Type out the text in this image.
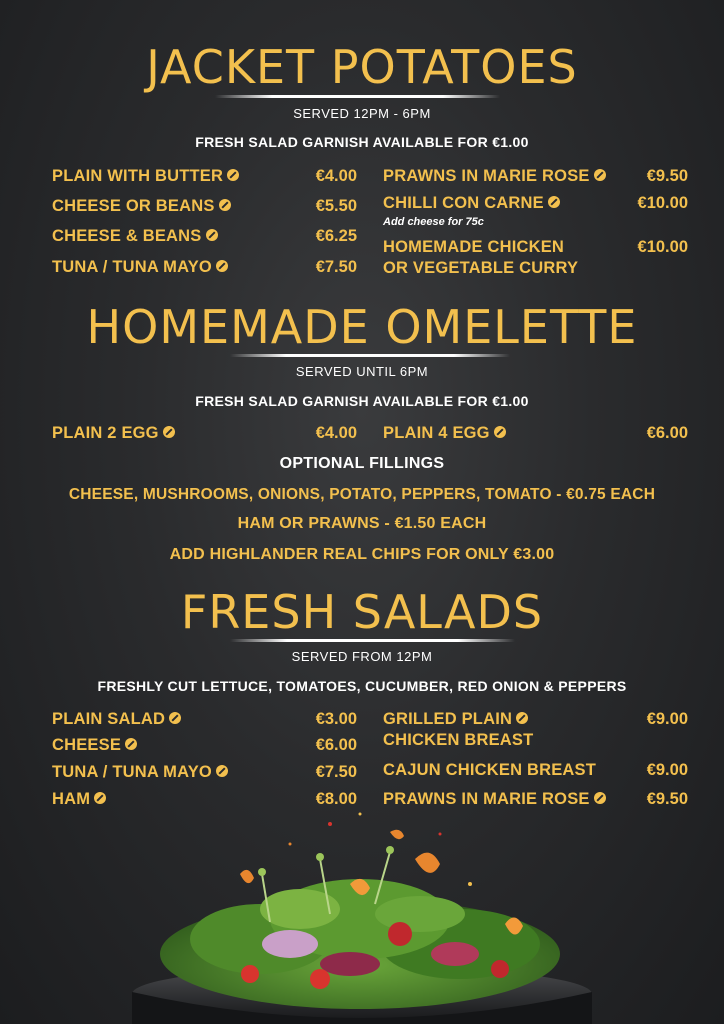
JACKET POTATOES
SERVED 12PM - 6PM
FRESH SALAD GARNISH AVAILABLE FOR €1.00
PLAIN WITH BUTTER	€4.00
CHEESE OR BEANS	€5.50
CHEESE & BEANS	€6.25
TUNA / TUNA MAYO	€7.50
PRAWNS IN MARIE ROSE	€9.50
CHILLI CON CARNE	€10.00
Add cheese for 75c
HOMEMADE CHICKEN
OR VEGETABLE CURRY
€10.00
HOMEMADE OMELETTE
SERVED UNTIL 6PM
FRESH SALAD GARNISH AVAILABLE FOR €1.00
PLAIN 2 EGG	€4.00 PLAIN 4 EGG	€6.00
OPTIONAL FILLINGS
CHEESE, MUSHROOMS, ONIONS, POTATO, PEPPERS, TOMATO - €0.75 EACH
HAM OR PRAWNS - €1.50 EACH
ADD HIGHLANDER REAL CHIPS FOR ONLY €3.00
FRESH SALADS
SERVED FROM 12PM
FRESHLY CUT LETTUCE, TOMATOES, CUCUMBER, RED ONION & PEPPERS
PLAIN SALAD	€3.00
CHEESE	€6.00
TUNA / TUNA MAYO	€7.50
HAM	€8.00
GRILLED PLAIN
CHICKEN BREAST
€9.00
CAJUN CHICKEN BREAST	€9.00
PRAWNS IN MARIE ROSE	€9.50
